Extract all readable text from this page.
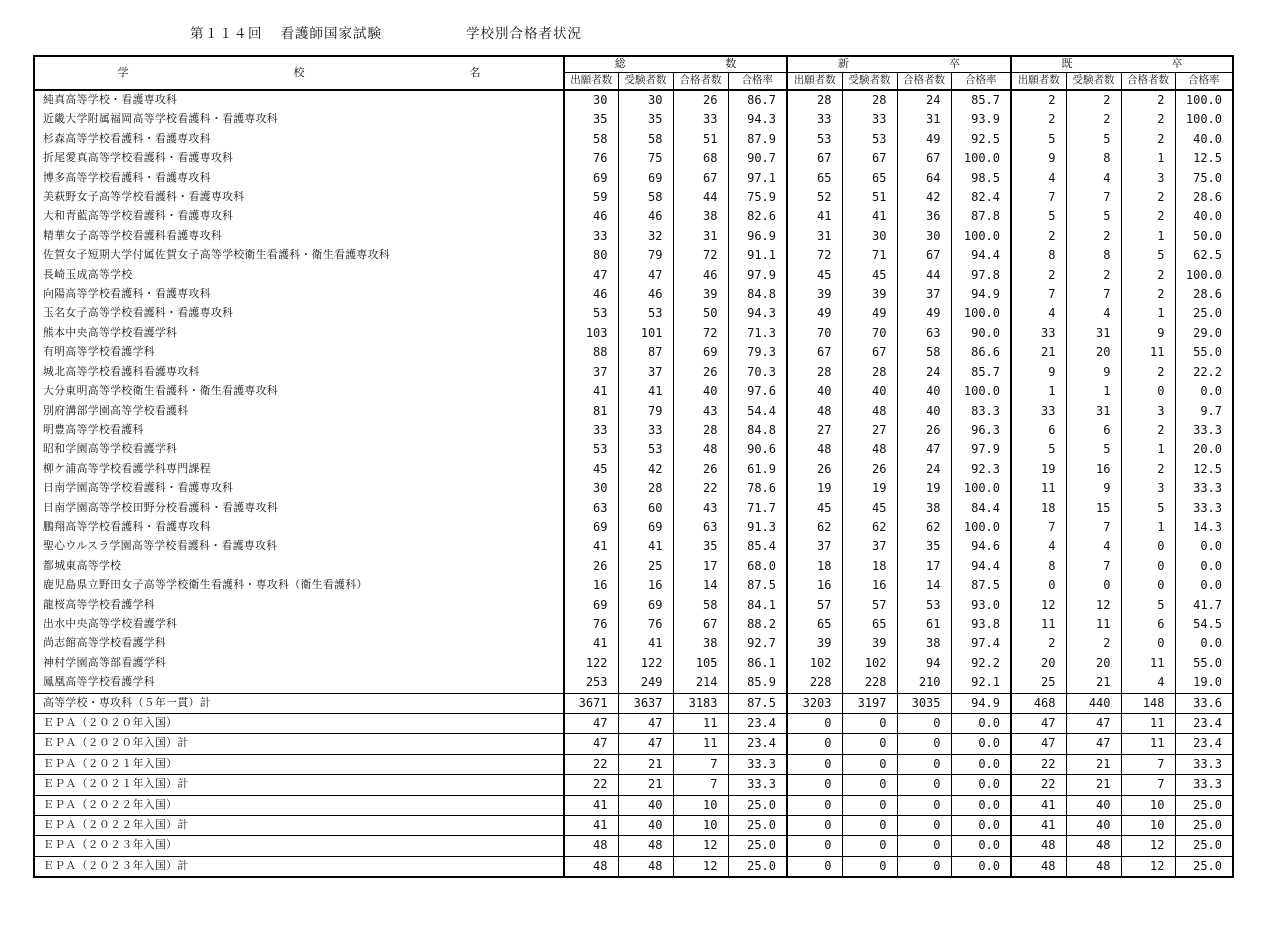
第１１４回 看護師国家試験	学校別合格者状況
学 校 名	総 数				新 卒				既 卒			

	出願者数	受験者数	合格者数	合格率	出願者数	受験者数	合格者数	合格率	出願者数	受験者数	合格者数	合格率
純真高等学校・看護専攻科	30	30	26	86.7	28	28	24	85.7	2	2	2	100.0
近畿大学附属福岡高等学校看護科・看護専攻科	35	35	33	94.3	33	33	31	93.9	2	2	2	100.0
杉森高等学校看護科・看護専攻科	58	58	51	87.9	53	53	49	92.5	5	5	2	40.0
折尾愛真高等学校看護科・看護専攻科	76	75	68	90.7	67	67	67	100.0	9	8	1	12.5
博多高等学校看護科・看護専攻科	69	69	67	97.1	65	65	64	98.5	4	4	3	75.0
美萩野女子高等学校看護科・看護専攻科	59	58	44	75.9	52	51	42	82.4	7	7	2	28.6
大和青藍高等学校看護科・看護専攻科	46	46	38	82.6	41	41	36	87.8	5	5	2	40.0
精華女子高等学校看護科看護専攻科	33	32	31	96.9	31	30	30	100.0	2	2	1	50.0
佐賀女子短期大学付属佐賀女子高等学校衛生看護科・衛生看護専攻科	80	79	72	91.1	72	71	67	94.4	8	8	5	62.5
長崎玉成高等学校	47	47	46	97.9	45	45	44	97.8	2	2	2	100.0
向陽高等学校看護科・看護専攻科	46	46	39	84.8	39	39	37	94.9	7	7	2	28.6
玉名女子高等学校看護科・看護専攻科	53	53	50	94.3	49	49	49	100.0	4	4	1	25.0
熊本中央高等学校看護学科	103	101	72	71.3	70	70	63	90.0	33	31	9	29.0
有明高等学校看護学科	88	87	69	79.3	67	67	58	86.6	21	20	11	55.0
城北高等学校看護科看護専攻科	37	37	26	70.3	28	28	24	85.7	9	9	2	22.2
大分東明高等学校衛生看護科・衛生看護専攻科	41	41	40	97.6	40	40	40	100.0	1	1	0	0.0
別府溝部学園高等学校看護科	81	79	43	54.4	48	48	40	83.3	33	31	3	9.7
明豊高等学校看護科	33	33	28	84.8	27	27	26	96.3	6	6	2	33.3
昭和学園高等学校看護学科	53	53	48	90.6	48	48	47	97.9	5	5	1	20.0
柳ケ浦高等学校看護学科専門課程	45	42	26	61.9	26	26	24	92.3	19	16	2	12.5
日南学園高等学校看護科・看護専攻科	30	28	22	78.6	19	19	19	100.0	11	9	3	33.3
日南学園高等学校田野分校看護科・看護専攻科	63	60	43	71.7	45	45	38	84.4	18	15	5	33.3
鵬翔高等学校看護科・看護専攻科	69	69	63	91.3	62	62	62	100.0	7	7	1	14.3
聖心ウルスラ学園高等学校看護科・看護専攻科	41	41	35	85.4	37	37	35	94.6	4	4	0	0.0
都城東高等学校	26	25	17	68.0	18	18	17	94.4	8	7	0	0.0
鹿児島県立野田女子高等学校衛生看護科・専攻科（衛生看護科）	16	16	14	87.5	16	16	14	87.5	0	0	0	0.0
龍桜高等学校看護学科	69	69	58	84.1	57	57	53	93.0	12	12	5	41.7
出水中央高等学校看護学科	76	76	67	88.2	65	65	61	93.8	11	11	6	54.5
尚志館高等学校看護学科	41	41	38	92.7	39	39	38	97.4	2	2	0	0.0
神村学園高等部看護学科	122	122	105	86.1	102	102	94	92.2	20	20	11	55.0
鳳凰高等学校看護学科	253	249	214	85.9	228	228	210	92.1	25	21	4	19.0
高等学校・専攻科（５年一貫）計	3671	3637	3183	87.5	3203	3197	3035	94.9	468	440	148	33.6
ＥＰＡ（２０２０年入国）	47	47	11	23.4	0	0	0	0.0	47	47	11	23.4
ＥＰＡ（２０２０年入国）計	47	47	11	23.4	0	0	0	0.0	47	47	11	23.4
ＥＰＡ（２０２１年入国）	22	21	7	33.3	0	0	0	0.0	22	21	7	33.3
ＥＰＡ（２０２１年入国）計	22	21	7	33.3	0	0	0	0.0	22	21	7	33.3
ＥＰＡ（２０２２年入国）	41	40	10	25.0	0	0	0	0.0	41	40	10	25.0
ＥＰＡ（２０２２年入国）計	41	40	10	25.0	0	0	0	0.0	41	40	10	25.0
ＥＰＡ（２０２３年入国）	48	48	12	25.0	0	0	0	0.0	48	48	12	25.0
ＥＰＡ（２０２３年入国）計	48	48	12	25.0	0	0	0	0.0	48	48	12	25.0
